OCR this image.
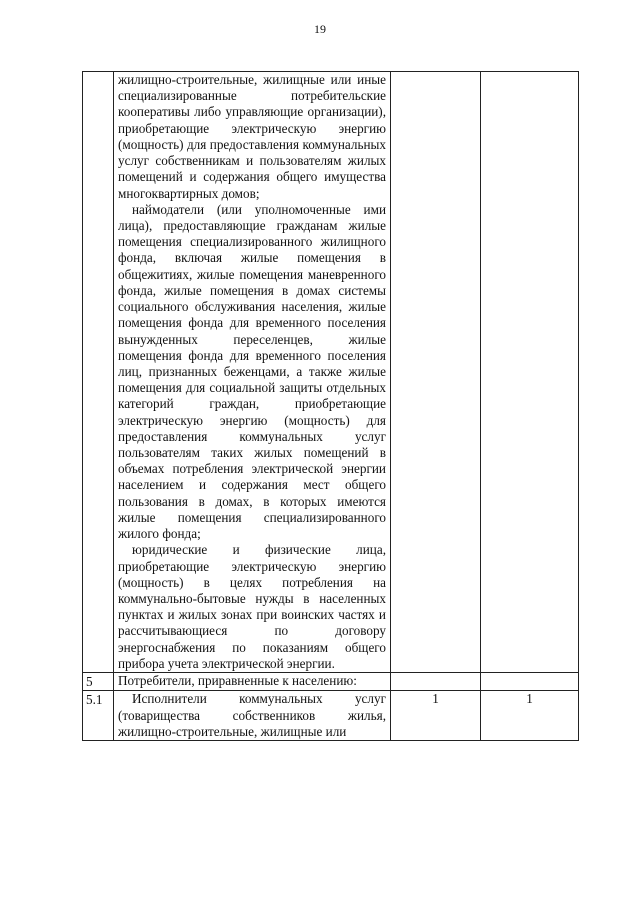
19

	жилищно-строительные, жилищные или иные специализированные потребительские кооперативы либо управляющие организации), приобретающие электрическую энергию (мощность) для предоставления коммунальных услуг собственникам и пользователям жилых помещений и содержания общего имущества многоквартирных домов;

наймодатели (или уполномоченные ими лица), предоставляющие гражданам жилые помещения специализированного жилищного фонда, включая жилые помещения в общежитиях, жилые помещения маневренного фонда, жилые помещения в домах системы социального обслуживания населения, жилые помещения фонда для временного поселения вынужденных переселенцев, жилые помещения фонда для временного поселения лиц, признанных беженцами, а также жилые помещения для социальной защиты отдельных категорий граждан, приобретающие электрическую энергию (мощность) для предоставления коммунальных услуг пользователям таких жилых помещений в объемах потребления электрической энергии населением и содержания мест общего пользования в домах, в которых имеются жилые помещения специализированного жилого фонда;

юридические и физические лица, приобретающие электрическую энергию (мощность) в целях потребления на коммунально-бытовые нужды в населенных пунктах и жилых зонах при воинских частях и рассчитывающиеся по договору энергоснабжения по показаниям общего прибора учета электрической энергии.		

5	Потребители, приравненные к населению:		

5.1	Исполнители коммунальных услуг (товарищества собственников жилья, жилищно-строительные, жилищные или	1	1
